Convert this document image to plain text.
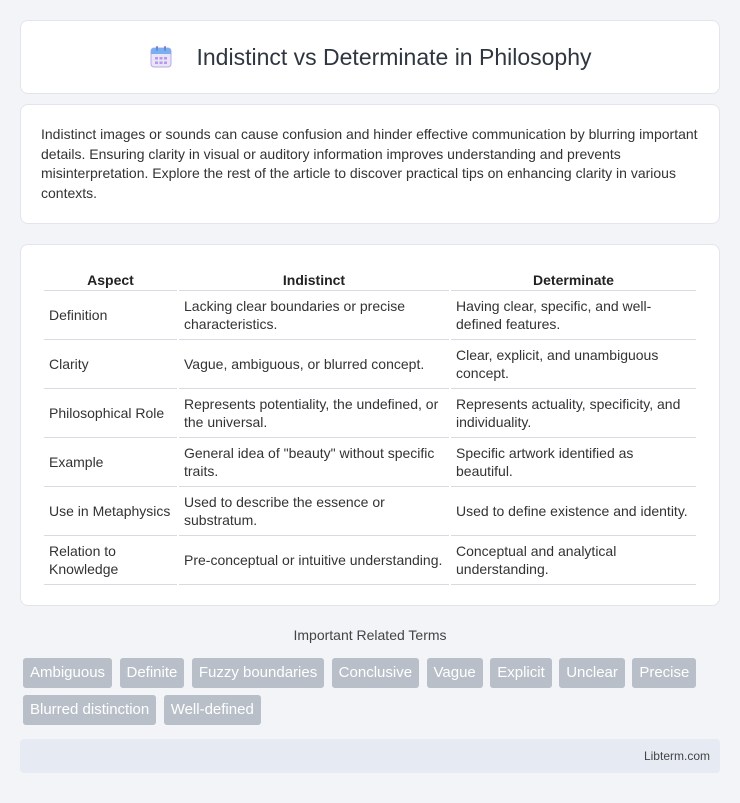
Indistinct vs Determinate in Philosophy

Indistinct images or sounds can cause confusion and hinder effective communication by blurring important details. Ensuring clarity in visual or auditory information improves understanding and prevents misinterpretation. Explore the rest of the article to discover practical tips on enhancing clarity in various contexts.

Aspect	Indistinct	Determinate
Definition	Lacking clear boundaries or precise characteristics.	Having clear, specific, and well-defined features.
Clarity	Vague, ambiguous, or blurred concept.	Clear, explicit, and unambiguous concept.
Philosophical Role	Represents potentiality, the undefined, or the universal.	Represents actuality, specificity, and individuality.
Example	General idea of "beauty" without specific traits.	Specific artwork identified as beautiful.
Use in Metaphysics	Used to describe the essence or substratum.	Used to define existence and identity.
Relation to Knowledge	Pre-conceptual or intuitive understanding.	Conceptual and analytical understanding.
Important Related Terms
Ambiguous Definite Fuzzy boundaries Conclusive Vague Explicit Unclear Precise Blurred distinction Well-defined
Libterm.com
